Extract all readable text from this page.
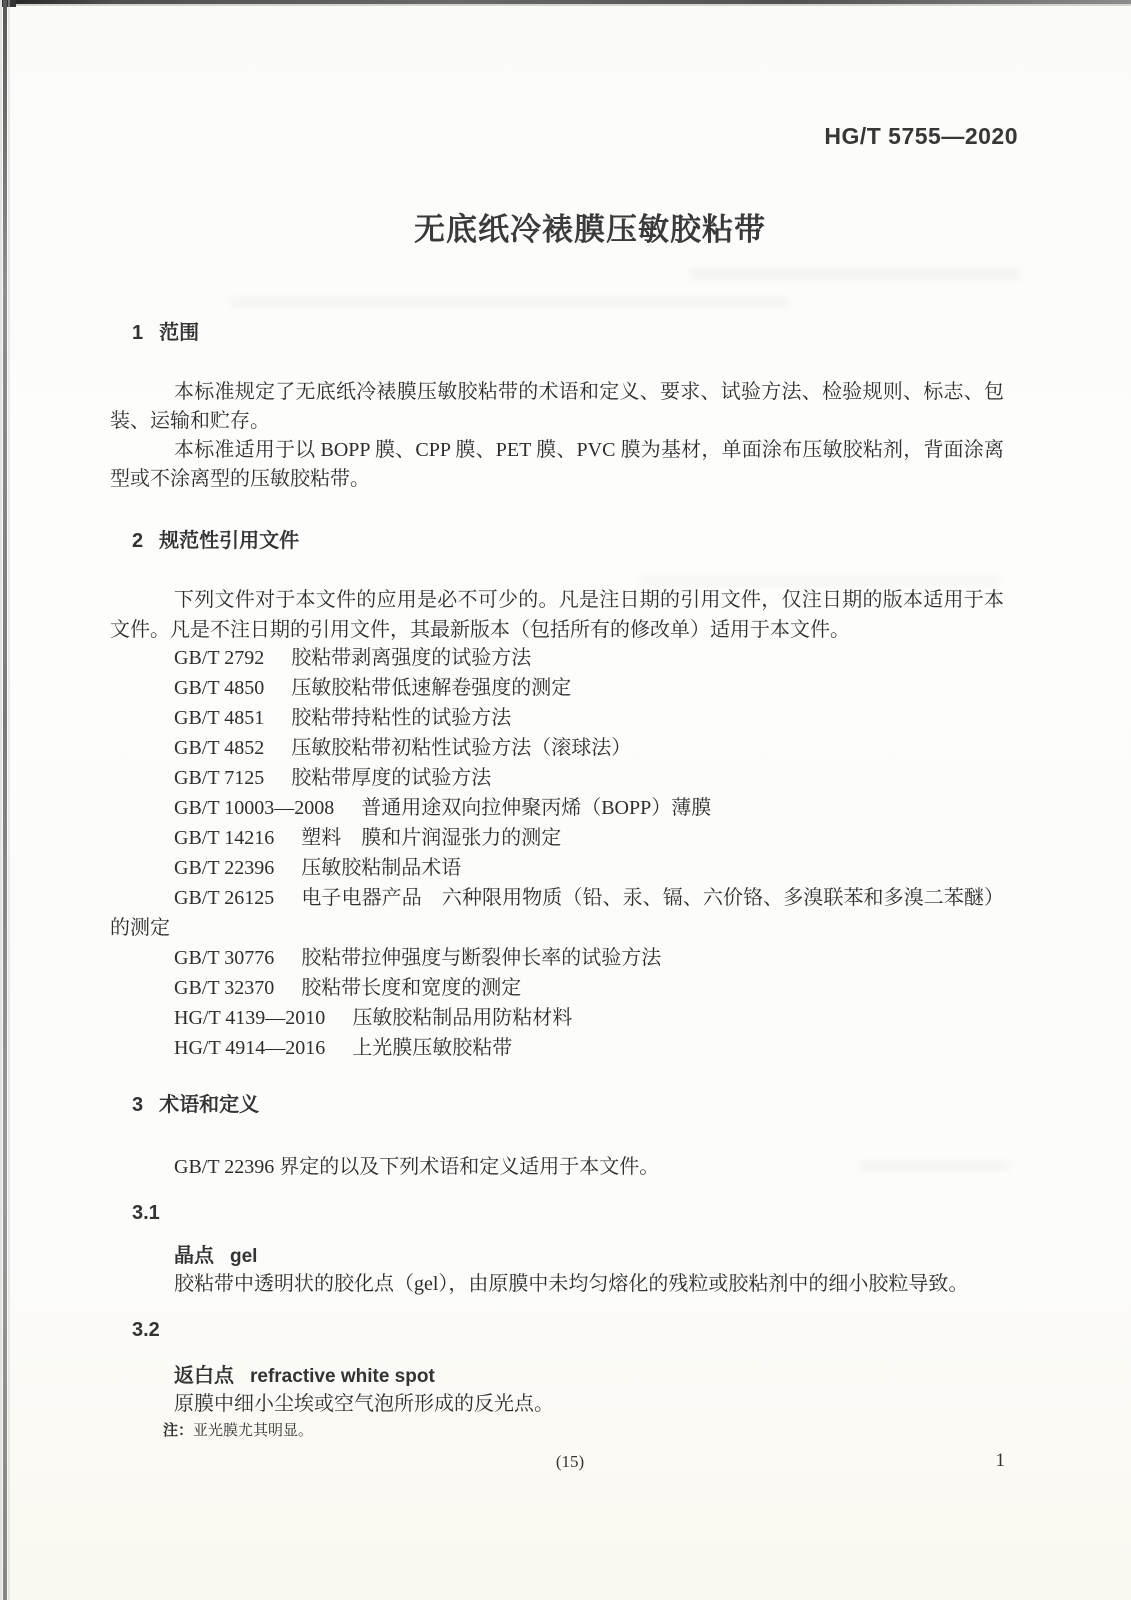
HG/T 5755—2020
无底纸冷裱膜压敏胶粘带
1 范围

本标准规定了无底纸冷裱膜压敏胶粘带的术语和定义、要求、试验方法、检验规则、标志、包装、运输和贮存。

本标准适用于以 BOPP 膜、CPP 膜、PET 膜、PVC 膜为基材，单面涂布压敏胶粘剂，背面涂离型或不涂离型的压敏胶粘带。

2 规范性引用文件

下列文件对于本文件的应用是必不可少的。凡是注日期的引用文件，仅注日期的版本适用于本文件。凡是不注日期的引用文件，其最新版本（包括所有的修改单）适用于本文件。

GB/T 2792 胶粘带剥离强度的试验方法

GB/T 4850 压敏胶粘带低速解卷强度的测定

GB/T 4851 胶粘带持粘性的试验方法

GB/T 4852 压敏胶粘带初粘性试验方法（滚球法）

GB/T 7125 胶粘带厚度的试验方法

GB/T 10003—2008 普通用途双向拉伸聚丙烯（BOPP）薄膜

GB/T 14216 塑料　膜和片润湿张力的测定

GB/T 22396 压敏胶粘制品术语

GB/T 26125 电子电器产品　六种限用物质（铅、汞、镉、六价铬、多溴联苯和多溴二苯醚）的测定

GB/T 30776 胶粘带拉伸强度与断裂伸长率的试验方法

GB/T 32370 胶粘带长度和宽度的测定

HG/T 4139—2010 压敏胶粘制品用防粘材料

HG/T 4914—2016 上光膜压敏胶粘带

3 术语和定义

GB/T 22396 界定的以及下列术语和定义适用于本文件。

3.1
晶点 gel

胶粘带中透明状的胶化点（gel），由原膜中未均匀熔化的残粒或胶粘剂中的细小胶粒导致。

3.2
返白点 refractive white spot

原膜中细小尘埃或空气泡所形成的反光点。

注：亚光膜尤其明显。
(15)	1
